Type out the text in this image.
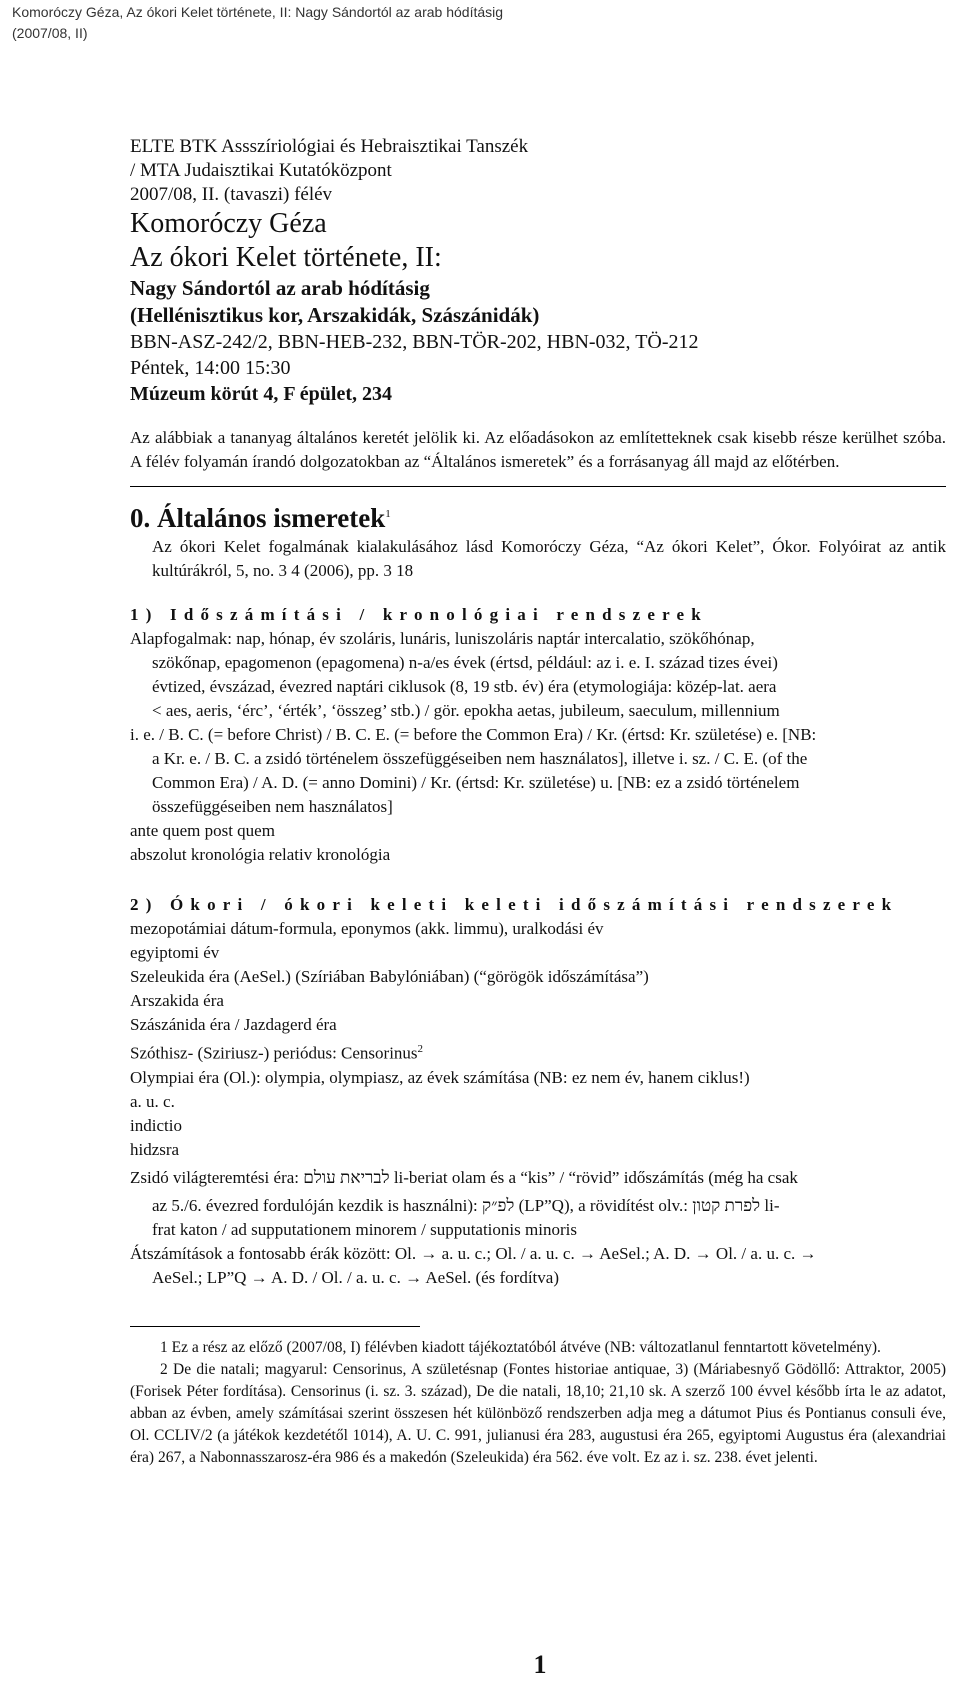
Komoróczy Géza, Az ókori Kelet története, II: Nagy Sándortól az arab hódításig
(2007/08, II)
ELTE BTK Assszíriológiai és Hebraisztikai Tanszék
/ MTA Judaisztikai Kutatóközpont
2007/08, II. (tavaszi) félév
Komoróczy Géza
Az ókori Kelet története, II:
Nagy Sándortól az arab hódításig
(Hellénisztikus kor, Arszakidák, Szászánidák)
BBN-ASZ-242/2, BBN-HEB-232, BBN-TÖR-202, HBN-032, TÖ-212
Péntek, 14:00 15:30
Múzeum körút 4, F épület, 234
Az alábbiak a tananyag általános keretét jelölik ki. Az előadásokon az említetteknek csak kisebb része kerülhet szóba. A félév folyamán írandó dolgozatokban az “Általános ismeretek” és a forrásanyag áll majd az előtérben.
0. Általános ismeretek$^1$
Az ókori Kelet fogalmának kialakulásához lásd Komoróczy Géza, “Az ókori Kelet”, Ókor. Folyóirat az antik kultúrákról, 5, no. 3 4 (2006), pp. 3 18
1) Időszámítási / kronológiai rendszerek
Alapfogalmak: nap, hónap, év szoláris, lunáris, luniszoláris naptár intercalatio, szökőhónap,
szökőnap, epagomenon (epagomena) n-a/es évek (értsd, például: az i. e. I. század tizes évei)
évtized, évszázad, évezred naptári ciklusok (8, 19 stb. év) éra (etymologiája: közép-lat. aera
< aes, aeris, ‘érc’, ‘érték’, ‘összeg’ stb.) / gör. epokha aetas, jubileum, saeculum, millennium
i. e. / B. C. (= before Christ) / B. C. E. (= before the Common Era) / Kr. (értsd: Kr. születése) e. [NB:
a Kr. e. / B. C. a zsidó történelem összefüggéseiben nem használatos], illetve i. sz. / C. E. (of the
Common Era) / A. D. (= anno Domini) / Kr. (értsd: Kr. születése) u. [NB: ez a zsidó történelem
összefüggéseiben nem használatos]
ante quem post quem
abszolut kronológia relativ kronológia
2) Ókori / ókori keleti keleti időszámítási rendszerek
mezopotámiai dátum-formula, eponymos (akk. limmu), uralkodási év
egyiptomi év
Szeleukida éra (AeSel.) (Szíriában Babylóniában) (“görögök időszámítása”)
Arszakida éra
Szászánida éra / Jazdagerd éra
Szóthisz- (Sziriusz-) periódus: Censorinus$^2$
Olympiai éra (Ol.): olympia, olympiasz, az évek számítása (NB: ez nem év, hanem ciklus!)
a. u. c.
indictio
hidzsra
Zsidó világteremtési éra: לבריאת עולם li-beriat olam és a “kis” / “rövid” időszámítás (még ha csak
az 5./6. évezred fordulóján kezdik is használni): לפ״ק (LP”Q), a rövidítést olv.: לפרת קטון li-
frat katon / ad supputationem minorem / supputationis minoris
Átszámítások a fontosabb érák között: Ol. → a. u. c.; Ol. / a. u. c. → AeSel.; A. D. → Ol. / a. u. c. →
AeSel.; LP”Q → A. D. / Ol. / a. u. c. → AeSel. (és fordítva)

1 Ez a rész az előző (2007/08, I) félévben kiadott tájékoztatóból átvéve (NB: változatlanul fenntartott követelmény).

2 De die natali; magyarul: Censorinus, A születésnap (Fontes historiae antiquae, 3) (Máriabesnyő Gödöllő: Attraktor, 2005) (Forisek Péter fordítása). Censorinus (i. sz. 3. század), De die natali, 18,10; 21,10 sk. A szerző 100 évvel később írta le az adatot, abban az évben, amely számításai szerint összesen hét különböző rendszerben adja meg a dátumot Pius és Pontianus consuli éve, Ol. CCLIV/2 (a játékok kezdetétől 1014), A. U. C. 991, julianusi éra 283, augustusi éra 265, egyiptomi Augustus éra (alexandriai éra) 267, a Nabonnasszarosz-éra 986 és a makedón (Szeleukida) éra 562. éve volt. Ez az i. sz. 238. évet jelenti.

1
